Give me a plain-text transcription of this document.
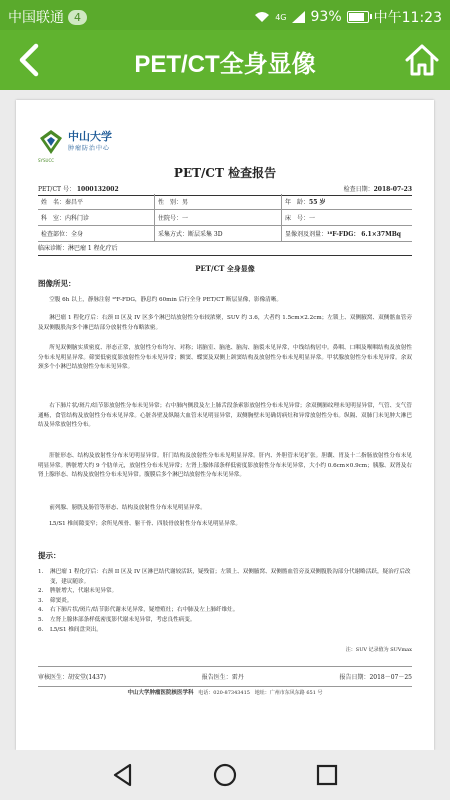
中国联通 4	4G 93% 中午11:23
PET/CT全身显像
中山大学
肿瘤防治中心
SYSUCC
PET/CT 检查报告
PET/CT 号： 1000132002	检查日期：2018-07-23
姓　名：秦昌平	性　别：男	年　龄：55 岁
科　室：内科门诊	住院号：一	床　号：一
检查部位：全身	采集方式：断层采集 3D	显像剂及剂量：¹⁸F-FDG： 6.1×37MBq
临床诊断：淋巴瘤 1 程化疗后
PET/CT 全身显像
图像所见：
空腹 6h 以上，静脉注射 ¹⁸F-FDG，静息约 60min 后行全身 PET/CT 断层显像，影像清晰。
淋巴瘤 1 程化疗后：右颈 II 区及 IV 区多个淋巴结放射性分布较浓聚，SUV 约 3.6，大者约 1.5cm×2.2cm；左锁上、双侧腋窝、双侧髂血管旁及双侧腹股沟多个淋巴结部分放射性分布略浓密。
所见双侧脑实质密度、形态正常，放射性分布均匀、对称；诸脑室、脑池、脑沟、脑裂未见异常，中线结构居中。鼻咽、口咽及喉咽结构及放射性分布未见明显异常。筛窦低密度影放射性分布未见异常；额窦、蝶窦及双侧上颌窦结构及放射性分布未见明显异常。甲状腺放射性分布未见异常。余双颈多个小淋巴结放射性分布未见异常。
右下肺片状/斑片/结节影放射性分布未见异常；右中肺内侧段及左上肺舌段条索影放射性分布未见异常；余双侧肺纹理未见明显异常，气管、支气管通畅，食管结构及放射性分布未见异常。心脏各壁及纵隔大血管未见明显异常，双侧胸壁未见确切病灶和异常放射性分布。纵隔、双肺门未见肿大淋巴结及异常放射性分布。
肝脏形态、结构及放射性分布未见明显异常。肝门结构及放射性分布未见明显异常。肝内、外胆管未见扩张。胆囊、胃及十二指肠放射性分布未见明显异常。脾脏增大约 9 个肋单元，放射性分布未见异常；左肾上腺体部条样低密度影放射性分布未见异常，大小约 0.6cm×0.9cm；胰腺、双肾及右肾上腺形态、结构及放射性分布未见异常。腹膜后多个淋巴结放射性分布未见异常。
前列腺、膀胱及肠管等形态、结构及放射性分布未见明显异常。
L5/S1 椎间隙变窄；余所见颅骨、躯干骨、四肢骨放射性分布未见明显异常。
提示：
1.	淋巴瘤 1 程化疗后：右颈 II 区及 IV 区淋巴结代谢较活跃，疑残留；左锁上、双侧腋窝、双侧髂血管旁及双侧腹股沟部分代谢略活跃，疑治疗后改变，建议随诊。
2.	脾脏增大，代谢未见异常。
3.	筛窦炎。
4.	右下肺片状/斑片/结节影代谢未见异常，疑增殖灶；右中肺及左上肺纤维灶。
5.	左肾上腺体部条样低密度影代谢未见异常，考虑良性病变。
6.	L5/S1 椎间盘突出。
注：SUV 记录值为 SUVmax
审核医生：胡安堂(1437)	报告医生：雷丹	报告日期：2018－07－25
中山大学肿瘤医院核医学科 电话：020-87343415 地址：广州市东风东路 651 号
